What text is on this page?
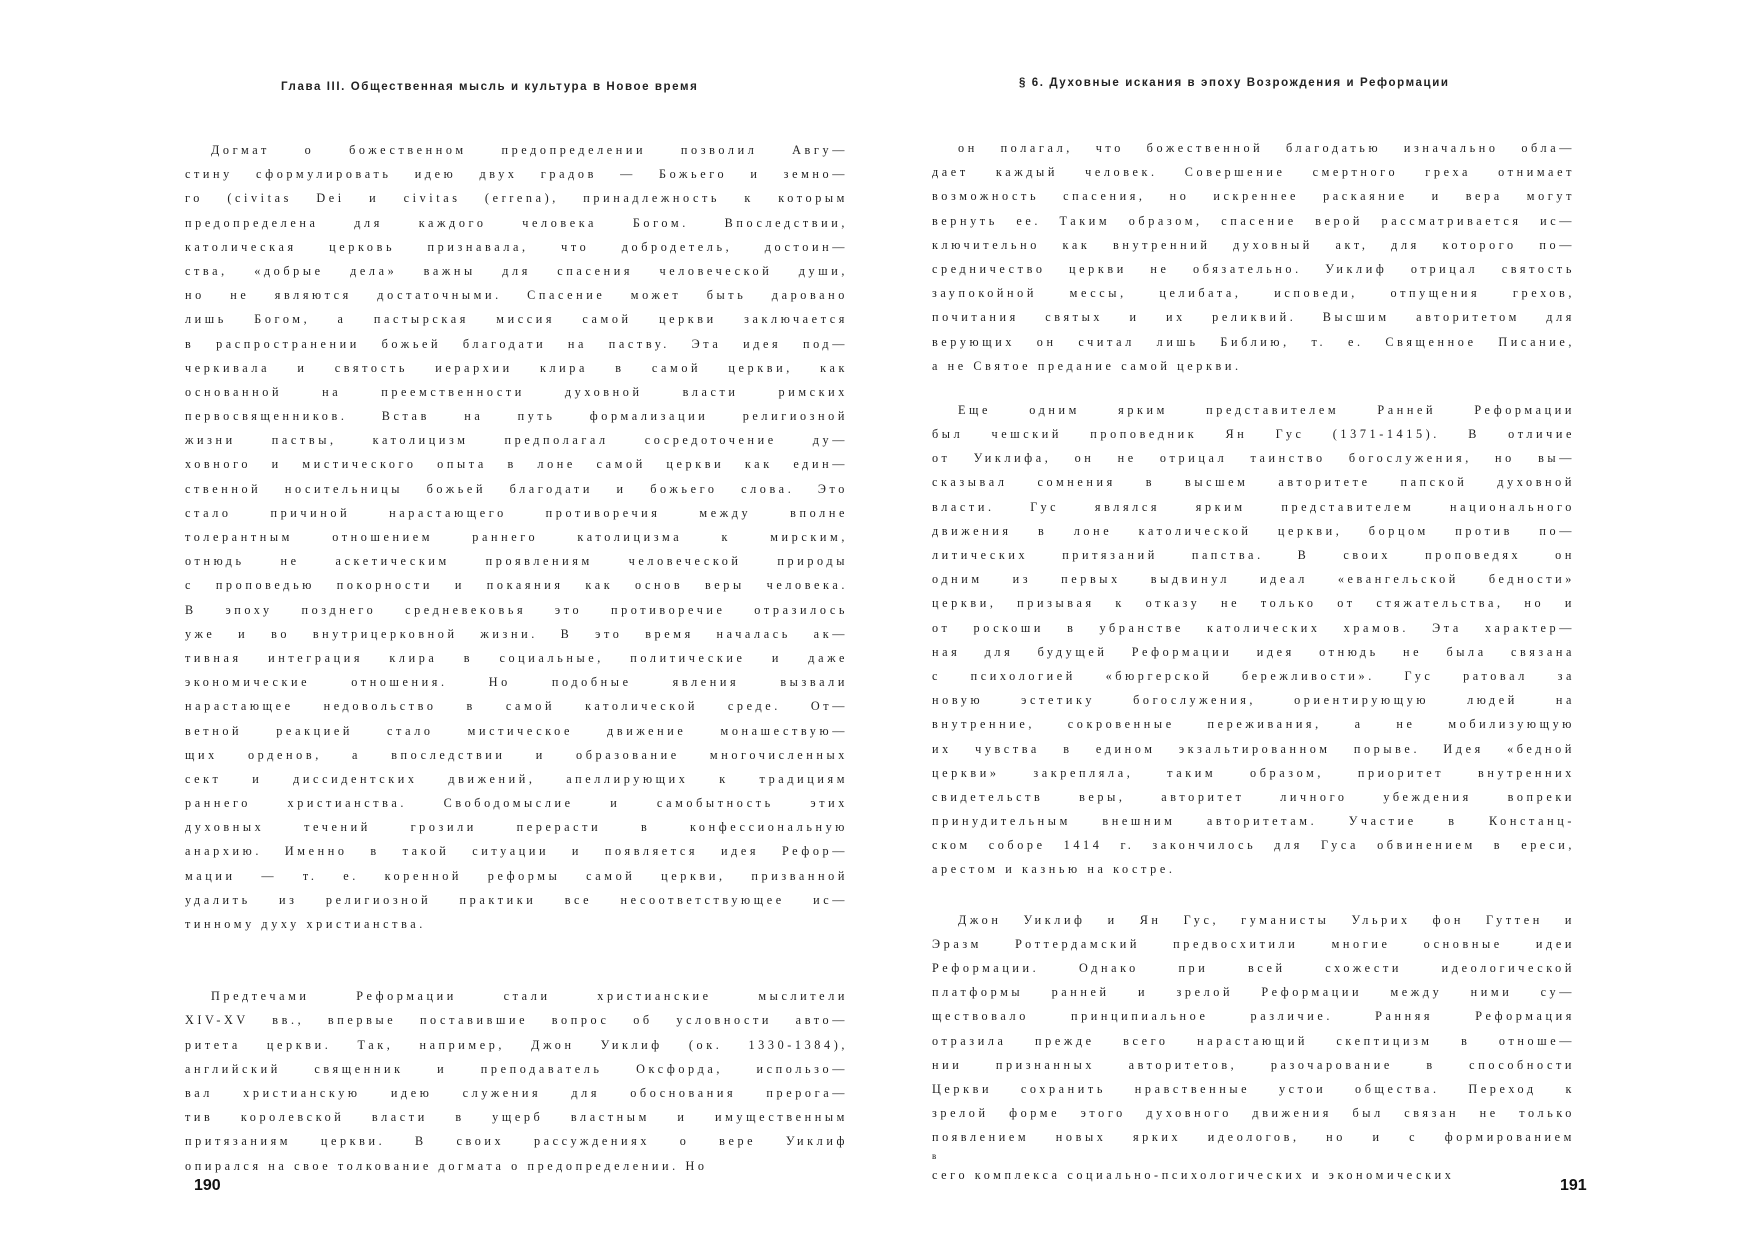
Глава III. Общественная мысль и культура в Новое время
Догмат о божественном предопределении позволил Авгу—
стину сформулировать идею двух градов — Божьего и земно—
го (civitas Dei и civitas (errena), принадлежность к которым
предопределена для каждого человека Богом. Впоследствии,
католическая церковь признавала, что добродетель, достоин—
ства, «добрые дела» важны для спасения человеческой души,
но не являются достаточными. Спасение может быть даровано
лишь Богом, а пастырская миссия самой церкви заключается
в распространении божьей благодати на паству. Эта идея под—
черкивала и святость иерархии клира в самой церкви, как
основанной на преемственности духовной власти римских
первосвященников. Встав на путь формализации религиозной
жизни паствы, католицизм предполагал сосредоточение ду—
ховного и мистического опыта в лоне самой церкви как един—
ственной носительницы божьей благодати и божьего слова. Это
стало причиной нарастающего противоречия между вполне
толерантным отношением раннего католицизма к мирским,
отнюдь не аскетическим проявлениям человеческой природы
с проповедью покорности и покаяния как основ веры человека.
В эпоху позднего средневековья это противоречие отразилось
уже и во внутрицерковной жизни. В это время началась ак—
тивная интеграция клира в социальные, политические и даже
экономические отношения. Но подобные явления вызвали
нарастающее недовольство в самой католической среде. От—
ветной реакцией стало мистическое движение монашествую—
щих орденов, а впоследствии и образование многочисленных
сект и диссидентских движений, апеллирующих к традициям
раннего христианства. Свободомыслие и самобытность этих
духовных течений грозили перерасти в конфессиональную
анархию. Именно в такой ситуации и появляется идея Рефор—
мации — т. е. коренной реформы самой церкви, призванной
удалить из религиозной практики все несоответствующее ис—
тинному духу христианства.
Предтечами Реформации стали христианские мыслители
XIV-XV вв., впервые поставившие вопрос об условности авто—
ритета церкви. Так, например, Джон Уиклиф (ок. 1330-1384),
английский священник и преподаватель Оксфорда, использо—
вал христианскую идею служения для обоснования прерога—
тив королевской власти в ущерб властным и имущественным
притязаниям церкви. В своих рассуждениях о вере Уиклиф
опирался на свое толкование догмата о предопределении. Но
190
§ 6. Духовные искания в эпоху Возрождения и Реформации
он полагал, что божественной благодатью изначально обла—
дает каждый человек. Совершение смертного греха отнимает
возможность спасения, но искреннее раскаяние и вера могут
вернуть ее. Таким образом, спасение верой рассматривается ис—
ключительно как внутренний духовный акт, для которого по—
средничество церкви не обязательно. Уиклиф отрицал святость
заупокойной мессы, целибата, исповеди, отпущения грехов,
почитания святых и их реликвий. Высшим авторитетом для
верующих он считал лишь Библию, т. е. Священное Писание,
а не Святое предание самой церкви.
Еще одним ярким представителем Ранней Реформации
был чешский проповедник Ян Гус (1371-1415). В отличие
от Уиклифа, он не отрицал таинство богослужения, но вы—
сказывал сомнения в высшем авторитете папской духовной
власти. Гус являлся ярким представителем национального
движения в лоне католической церкви, борцом против по—
литических притязаний папства. В своих проповедях он
одним из первых выдвинул идеал «евангельской бедности»
церкви, призывая к отказу не только от стяжательства, но и
от роскоши в убранстве католических храмов. Эта характер—
ная для будущей Реформации идея отнюдь не была связана
с психологией «бюргерской бережливости». Гус ратовал за
новую эстетику богослужения, ориентирующую людей на
внутренние, сокровенные переживания, а не мобилизующую
их чувства в едином экзальтированном порыве. Идея «бедной
церкви» закрепляла, таким образом, приоритет внутренних
свидетельств веры, авторитет личного убеждения вопреки
принудительным внешним авторитетам. Участие в Констанц-
ском соборе 1414 г. закончилось для Гуса обвинением в ереси,
арестом и казнью на костре.
Джон Уиклиф и Ян Гус, гуманисты Ульрих фон Гуттен и
Эразм Роттердамский предвосхитили многие основные идеи
Реформации. Однако при всей схожести идеологической
платформы ранней и зрелой Реформации между ними су—
ществовало принципиальное различие. Ранняя Реформация
отразила прежде всего нарастающий скептицизм в отноше—
нии признанных авторитетов, разочарование в способности
Церкви сохранить нравственные устои общества. Переход к
зрелой форме этого духовного движения был связан не только
появлением новых ярких идеологов, но и с формированием
в
сего комплекса социально-психологических и экономических
191
